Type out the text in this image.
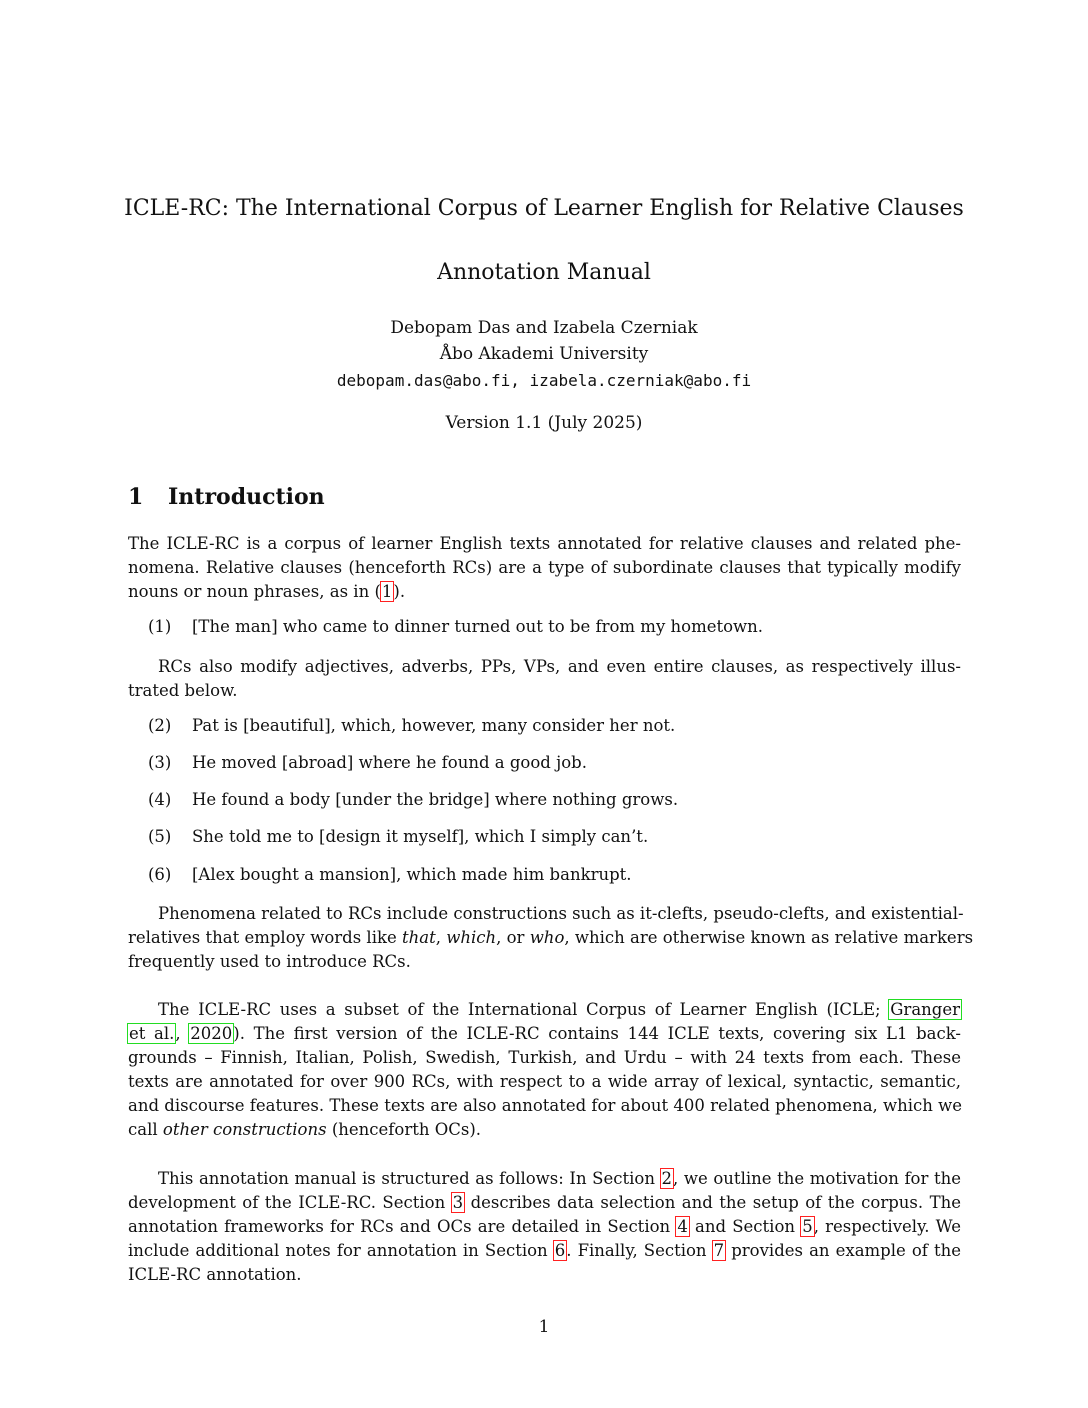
ICLE-RC: The International Corpus of Learner English for Relative Clauses
Annotation Manual
Debopam Das and Izabela Czerniak
Åbo Akademi University
debopam.das@abo.fi, izabela.czerniak@abo.fi
Version 1.1 (July 2025)
1 Introduction
The ICLE-RC is a corpus of learner English texts annotated for relative clauses and related phe-
nomena. Relative clauses (henceforth RCs) are a type of subordinate clauses that typically modify
nouns or noun phrases, as in (1).
(1) [The man] who came to dinner turned out to be from my hometown.
RCs also modify adjectives, adverbs, PPs, VPs, and even entire clauses, as respectively illus-
trated below.
(2) Pat is [beautiful], which, however, many consider her not.
(3) He moved [abroad] where he found a good job.
(4) He found a body [under the bridge] where nothing grows.
(5) She told me to [design it myself], which I simply can’t.
(6) [Alex bought a mansion], which made him bankrupt.
Phenomena related to RCs include constructions such as it-clefts, pseudo-clefts, and existential-
relatives that employ words like that, which, or who, which are otherwise known as relative markers
frequently used to introduce RCs.
The ICLE-RC uses a subset of the International Corpus of Learner English (ICLE; Granger
et al., 2020). The first version of the ICLE-RC contains 144 ICLE texts, covering six L1 back-
grounds – Finnish, Italian, Polish, Swedish, Turkish, and Urdu – with 24 texts from each. These
texts are annotated for over 900 RCs, with respect to a wide array of lexical, syntactic, semantic,
and discourse features. These texts are also annotated for about 400 related phenomena, which we
call other constructions (henceforth OCs).
This annotation manual is structured as follows: In Section 2, we outline the motivation for the
development of the ICLE-RC. Section 3 describes data selection and the setup of the corpus. The
annotation frameworks for RCs and OCs are detailed in Section 4 and Section 5, respectively. We
include additional notes for annotation in Section 6. Finally, Section 7 provides an example of the
ICLE-RC annotation.
1
